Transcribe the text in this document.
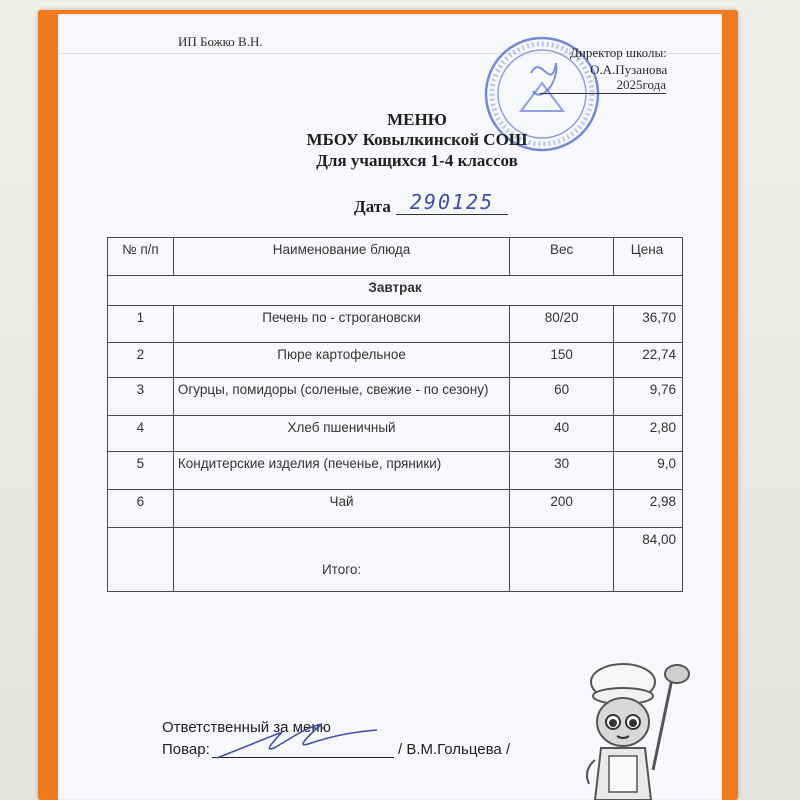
ИП Божко В.Н.
Директор школы:
О.А.Пузанова
2025года
МЕНЮ
МБОУ Ковылкинской СОШ
Для учащихся 1-4 классов
Дата 290125
№ п/п	Наименование блюда	Вес	Цена
Завтрак			
1	Печень по - строгановски	80/20	36,70
2	Пюре картофельное	150	22,74
3	Огурцы, помидоры (соленые, свежие - по сезону)	60	9,76
4	Хлеб пшеничный	40	2,80
5	Кондитерские изделия (печенье, пряники)	30	9,0
6	Чай	200	2,98
	Итого:		84,00
Ответственный за меню
Повар:	/ В.М.Гольцева /
